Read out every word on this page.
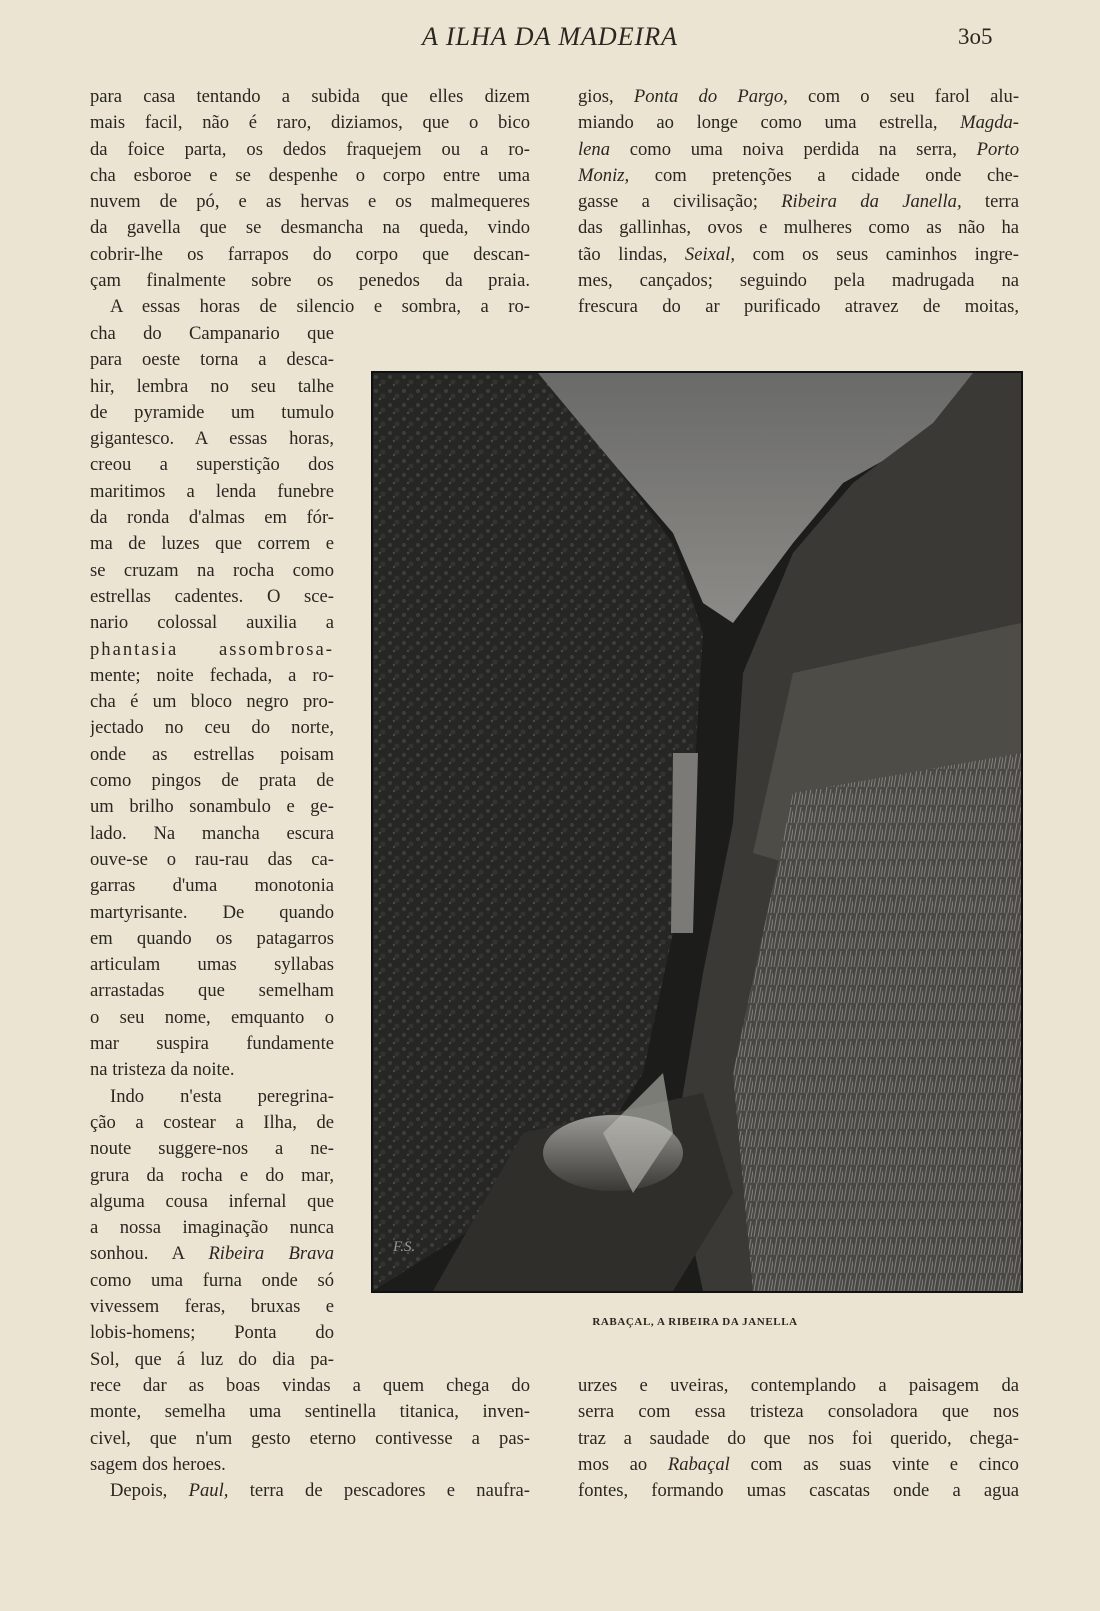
A ILHA DA MADEIRA	3o5
para casa tentando a subida que elles dizem
mais facil, não é raro, diziamos, que o bico
da foice parta, os dedos fraquejem ou a ro-
cha esboroe e se despenhe o corpo entre uma
nuvem de pó, e as hervas e os malmequeres
da gavella que se desmancha na queda, vindo
cobrir-lhe os farrapos do corpo que descan-
çam finalmente sobre os penedos da praia.
A essas horas de silencio e sombra, a ro-
cha do Campanario que
para oeste torna a desca-
hir, lembra no seu talhe
de pyramide um tumulo
gigantesco. A essas horas,
creou a superstição dos
maritimos a lenda funebre
da ronda d'almas em fór-
ma de luzes que correm e
se cruzam na rocha como
estrellas cadentes. O sce-
nario colossal auxilia a
phantasia assombrosa-
mente; noite fechada, a ro-
cha é um bloco negro pro-
jectado no ceu do norte,
onde as estrellas poisam
como pingos de prata de
um brilho sonambulo e ge-
lado. Na mancha escura
ouve-se o rau-rau das ca-
garras d'uma monotonia
martyrisante. De quando
em quando os patagarros
articulam umas syllabas
arrastadas que semelham
o seu nome, emquanto o
mar suspira fundamente
na tristeza da noite.
Indo n'esta peregrina-
ção a costear a Ilha, de
noute suggere-nos a ne-
grura da rocha e do mar,
alguma cousa infernal que
a nossa imaginação nunca
sonhou. A Ribeira Brava
como uma furna onde só
vivessem feras, bruxas e
lobis-homens; Ponta do
Sol, que á luz do dia pa-
rece dar as boas vindas a quem chega do
monte, semelha uma sentinella titanica, inven-
civel, que n'um gesto eterno contivesse a pas-
sagem dos heroes.
Depois, Paul, terra de pescadores e naufra-
gios, Ponta do Pargo, com o seu farol alu-
miando ao longe como uma estrella, Magda-
lena como uma noiva perdida na serra, Porto
Moniz, com pretenções a cidade onde che-
gasse a civilisação; Ribeira da Janella, terra
das gallinhas, ovos e mulheres como as não ha
tão lindas, Seixal, com os seus caminhos ingre-
mes, cançados; seguindo pela madrugada na
frescura do ar purificado atravez de moitas,
F.S.
RABAÇAL, A RIBEIRA DA JANELLA
urzes e uveiras, contemplando a paisagem da
serra com essa tristeza consoladora que nos
traz a saudade do que nos foi querido, chega-
mos ao Rabaçal com as suas vinte e cinco
fontes, formando umas cascatas onde a agua
